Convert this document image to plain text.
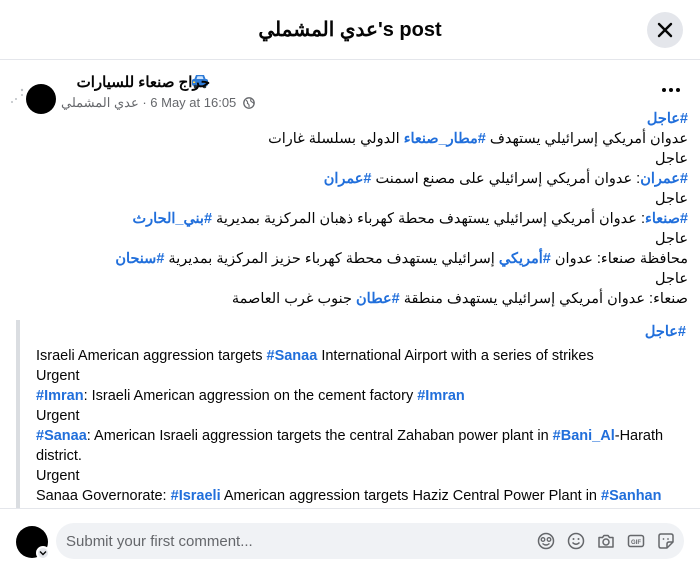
عدي المشملي's post
حراج صنعاء للسيارات
عدي المشملي · 6 May at 16:05
#عاجل
عدوان أمريكي إسرائيلي يستهدف #مطار_صنعاء الدولي بسلسلة غارات
عاجل
#عمران: عدوان أمريكي إسرائيلي على مصنع اسمنت #عمران
عاجل
#صنعاء: عدوان أمريكي إسرائيلي يستهدف محطة كهرباء ذهبان المركزية بمديرية #بني_الحارث
عاجل
محافظة صنعاء: عدوان #أمريكي إسرائيلي يستهدف محطة كهرباء حزيز المركزية بمديرية #سنحان
عاجل
صنعاء: عدوان أمريكي إسرائيلي يستهدف منطقة #عطان جنوب غرب العاصمة
#عاجل
Israeli American aggression targets #Sanaa International Airport with a series of strikes
Urgent
#Imran: Israeli American aggression on the cement factory #Imran
Urgent
#Sanaa: American Israeli aggression targets the central Zahaban power plant in #Bani_Al-Harath
district.
Urgent
Sanaa Governorate: #Israeli American aggression targets Haziz Central Power Plant in #Sanhan
Submit your first comment...
GIF
